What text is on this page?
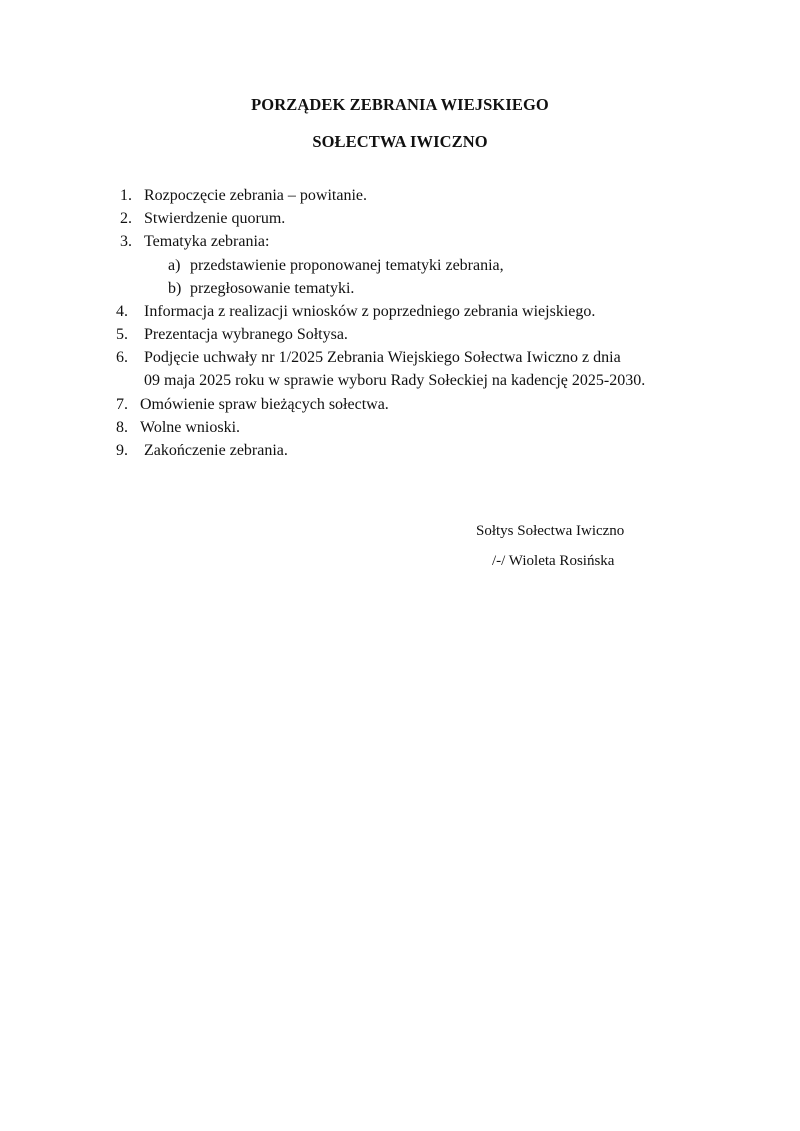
PORZĄDEK ZEBRANIA WIEJSKIEGO
SOŁECTWA IWICZNO
1. Rozpoczęcie zebrania – powitanie.
2. Stwierdzenie quorum.
3. Tematyka zebrania:
a) przedstawienie proponowanej tematyki zebrania,
b) przegłosowanie tematyki.
4. Informacja z realizacji wniosków z poprzedniego zebrania wiejskiego.
5. Prezentacja wybranego Sołtysa.
6. Podjęcie uchwały nr 1/2025 Zebrania Wiejskiego Sołectwa Iwiczno z dnia
09 maja 2025 roku w sprawie wyboru Rady Sołeckiej na kadencję 2025-2030.
7. Omówienie spraw bieżących sołectwa.
8. Wolne wnioski.
9. Zakończenie zebrania.
Sołtys Sołectwa Iwiczno
/-/ Wioleta Rosińska
